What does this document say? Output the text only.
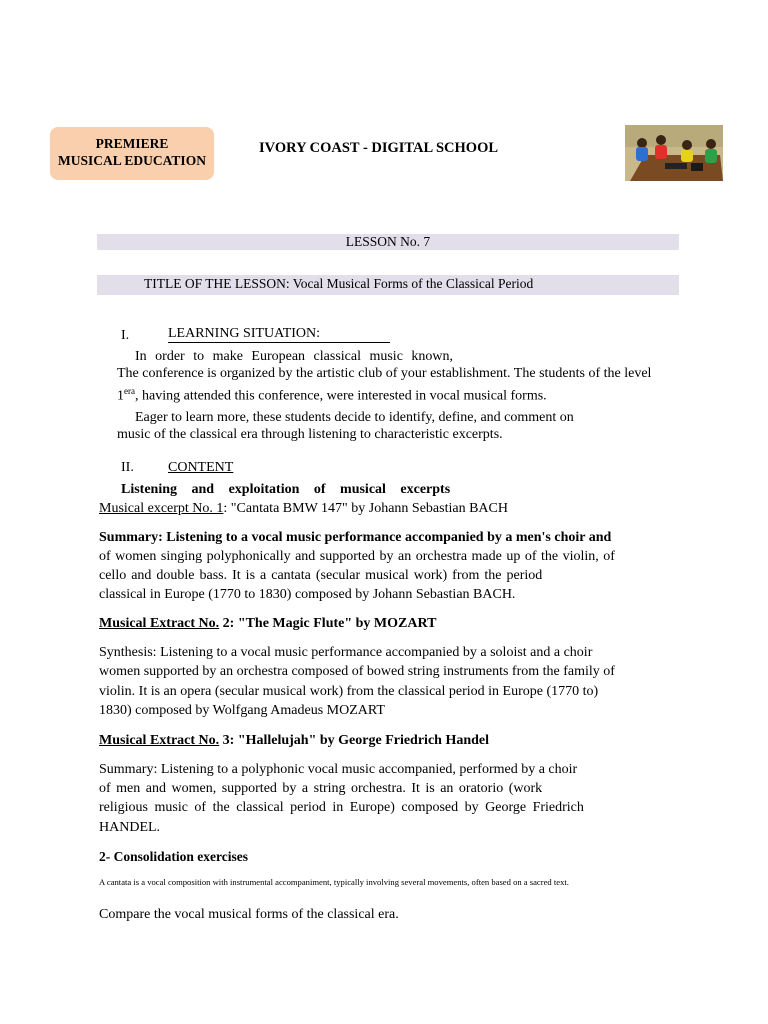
PREMIERE
MUSICAL EDUCATION
IVORY COAST - DIGITAL SCHOOL
LESSON No. 7
TITLE OF THE LESSON: Vocal Musical Forms of the Classical Period
I.	LEARNING SITUATION:
In order to make European classical music known,
The conference is organized by the artistic club of your establishment. The students of the level
$1^{era}$, having attended this conference, were interested in vocal musical forms.
Eager to learn more, these students decide to identify, define, and comment on
music of the classical era through listening to characteristic excerpts.
II. CONTENT
Listening and exploitation of musical excerpts
Musical excerpt No. 1: "Cantata BMW 147" by Johann Sebastian BACH
Summary: Listening to a vocal music performance accompanied by a men's choir and
of women singing polyphonically and supported by an orchestra made up of the violin, of
cello and double bass. It is a cantata (secular musical work) from the period
classical in Europe (1770 to 1830) composed by Johann Sebastian BACH.
Musical Extract No. 2: "The Magic Flute" by MOZART
Synthesis: Listening to a vocal music performance accompanied by a soloist and a choir
women supported by an orchestra composed of bowed string instruments from the family of
violin. It is an opera (secular musical work) from the classical period in Europe (1770 to)
1830) composed by Wolfgang Amadeus MOZART
Musical Extract No. 3: "Hallelujah" by George Friedrich Handel
Summary: Listening to a polyphonic vocal music accompanied, performed by a choir
of men and women, supported by a string orchestra. It is an oratorio (work
religious music of the classical period in Europe) composed by George Friedrich
HANDEL.
2- Consolidation exercises
A cantata is a vocal composition with instrumental accompaniment, typically involving several movements, often based on a sacred text.
Compare the vocal musical forms of the classical era.
